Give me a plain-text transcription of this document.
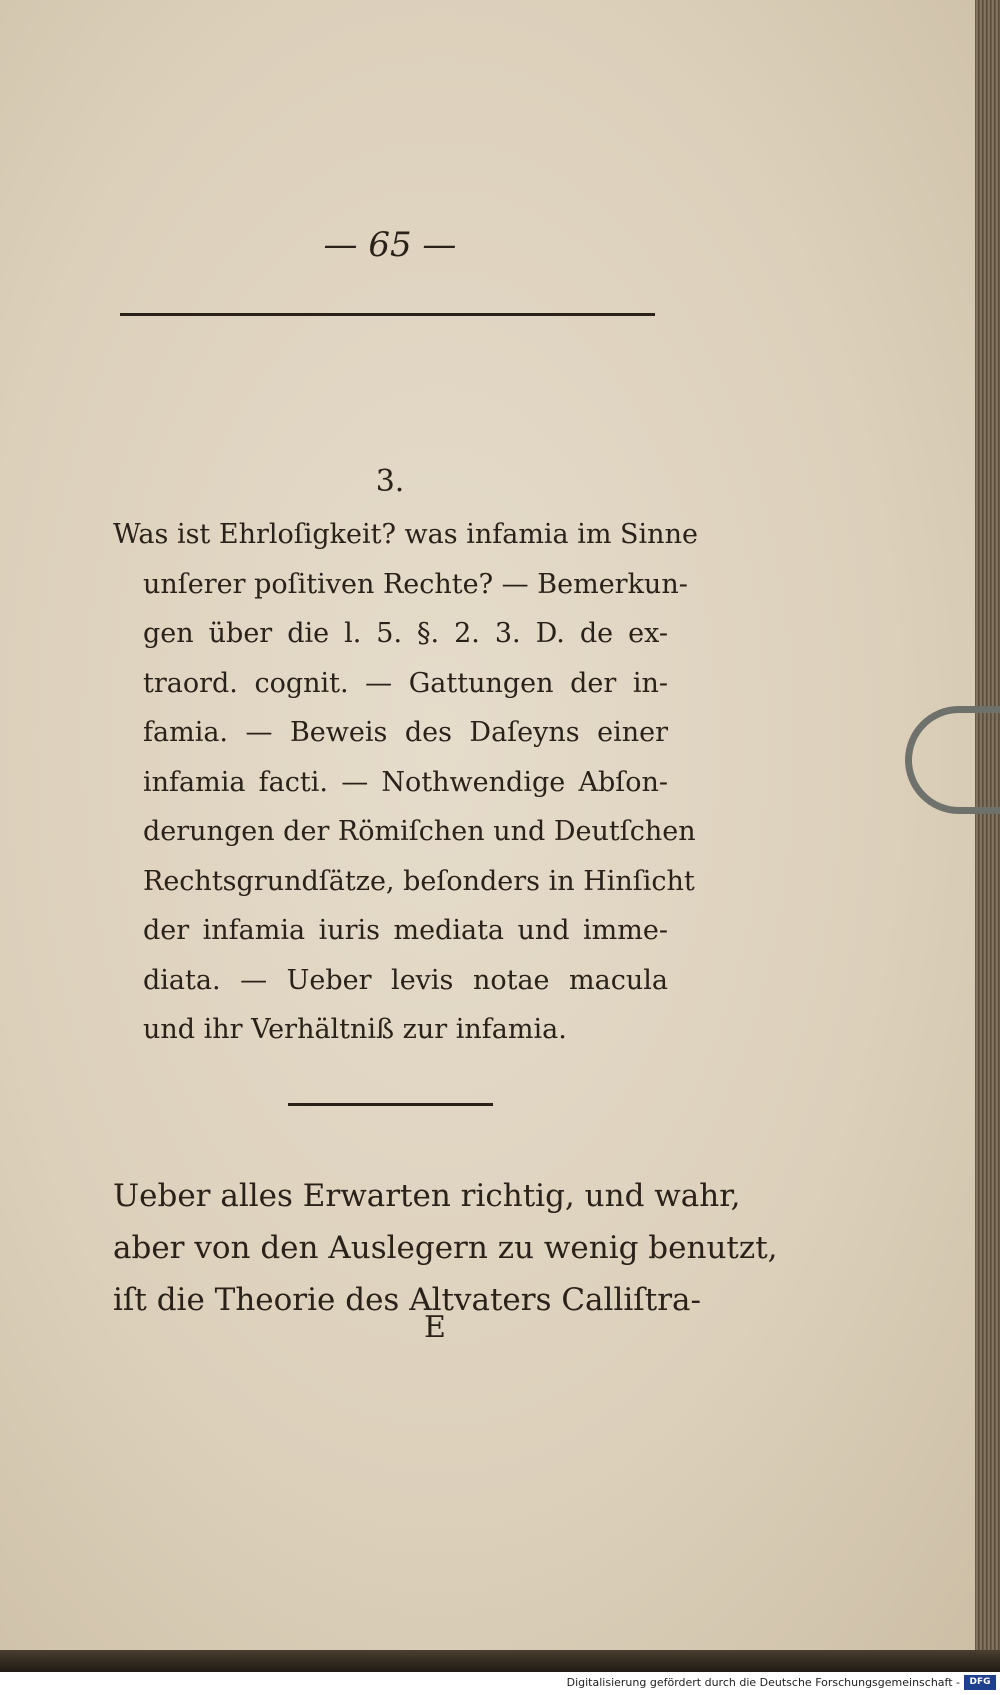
— 65 —
3.
Was ist Ehrloſigkeit? was infamia im Sinne
unſerer poſitiven Rechte? — Bemerkun-
gen über die l. 5. §. 2. 3. D. de ex-
traord. cognit. — Gattungen der in-
famia. — Beweis des Daſeyns einer
infamia facti. — Nothwendige Abſon-
derungen der Römiſchen und Deutſchen
Rechtsgrundſätze, beſonders in Hinſicht
der infamia iuris mediata und imme-
diata. — Ueber levis notae macula
und ihr Verhältniß zur infamia.
Ueber alles Erwarten richtig, und wahr,
aber von den Auslegern zu wenig benutzt,
iſt die Theorie des Altvaters Calliſtra-
E
Digitalisierung gefördert durch die Deutsche Forschungsgemeinschaft -	DFG
